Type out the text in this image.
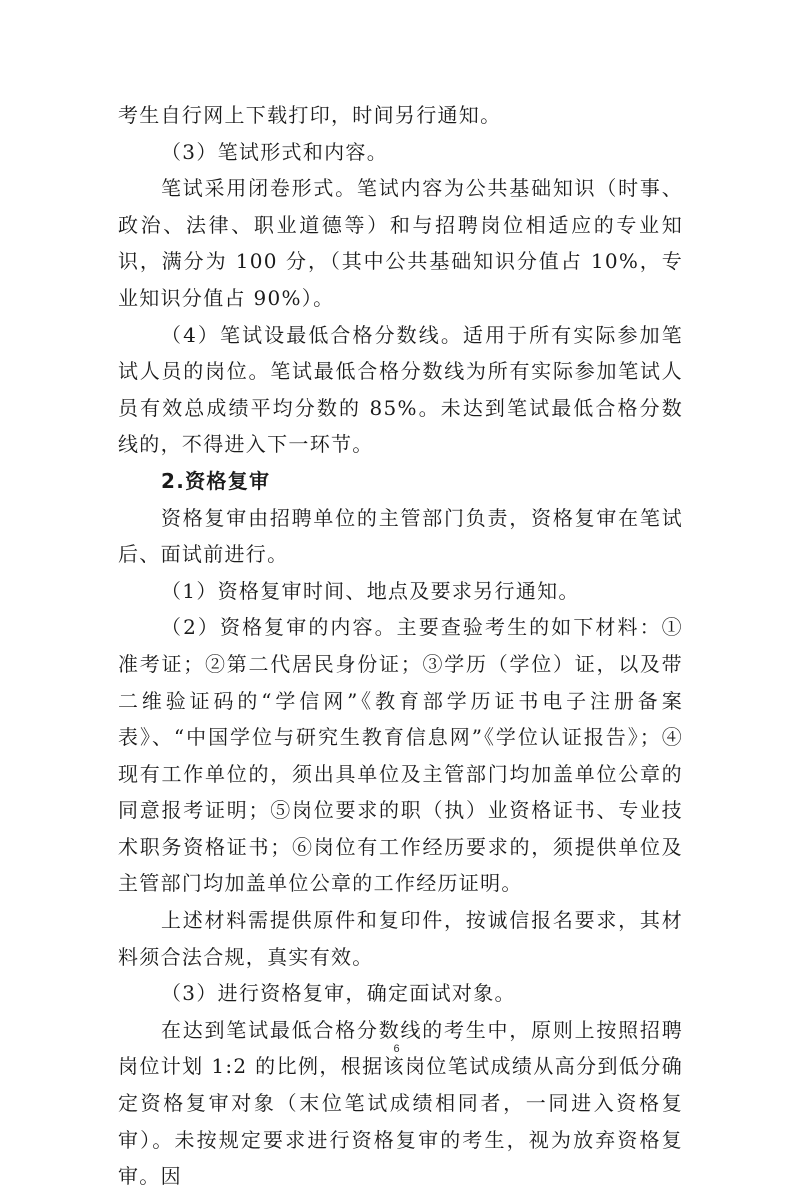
考生自行网上下载打印，时间另行通知。

（3）笔试形式和内容。

笔试采用闭卷形式。笔试内容为公共基础知识（时事、政治、法律、职业道德等）和与招聘岗位相适应的专业知识，满分为 100 分，（其中公共基础知识分值占 10%，专业知识分值占 90%）。

（4）笔试设最低合格分数线。适用于所有实际参加笔试人员的岗位。笔试最低合格分数线为所有实际参加笔试人员有效总成绩平均分数的 85%。未达到笔试最低合格分数线的，不得进入下一环节。

2.资格复审

资格复审由招聘单位的主管部门负责，资格复审在笔试后、面试前进行。

（1）资格复审时间、地点及要求另行通知。

（2）资格复审的内容。主要查验考生的如下材料：①准考证；②第二代居民身份证；③学历（学位）证，以及带二维验证码的“学信网”《教育部学历证书电子注册备案表》、“中国学位与研究生教育信息网”《学位认证报告》；④现有工作单位的，须出具单位及主管部门均加盖单位公章的同意报考证明；⑤岗位要求的职（执）业资格证书、专业技术职务资格证书；⑥岗位有工作经历要求的，须提供单位及主管部门均加盖单位公章的工作经历证明。

上述材料需提供原件和复印件，按诚信报名要求，其材料须合法合规，真实有效。

（3）进行资格复审，确定面试对象。

在达到笔试最低合格分数线的考生中，原则上按照招聘岗位计划 1:2 的比例，根据该岗位笔试成绩从高分到低分确定资格复审对象（末位笔试成绩相同者，一同进入资格复审）。未按规定要求进行资格复审的考生，视为放弃资格复审。因

6
